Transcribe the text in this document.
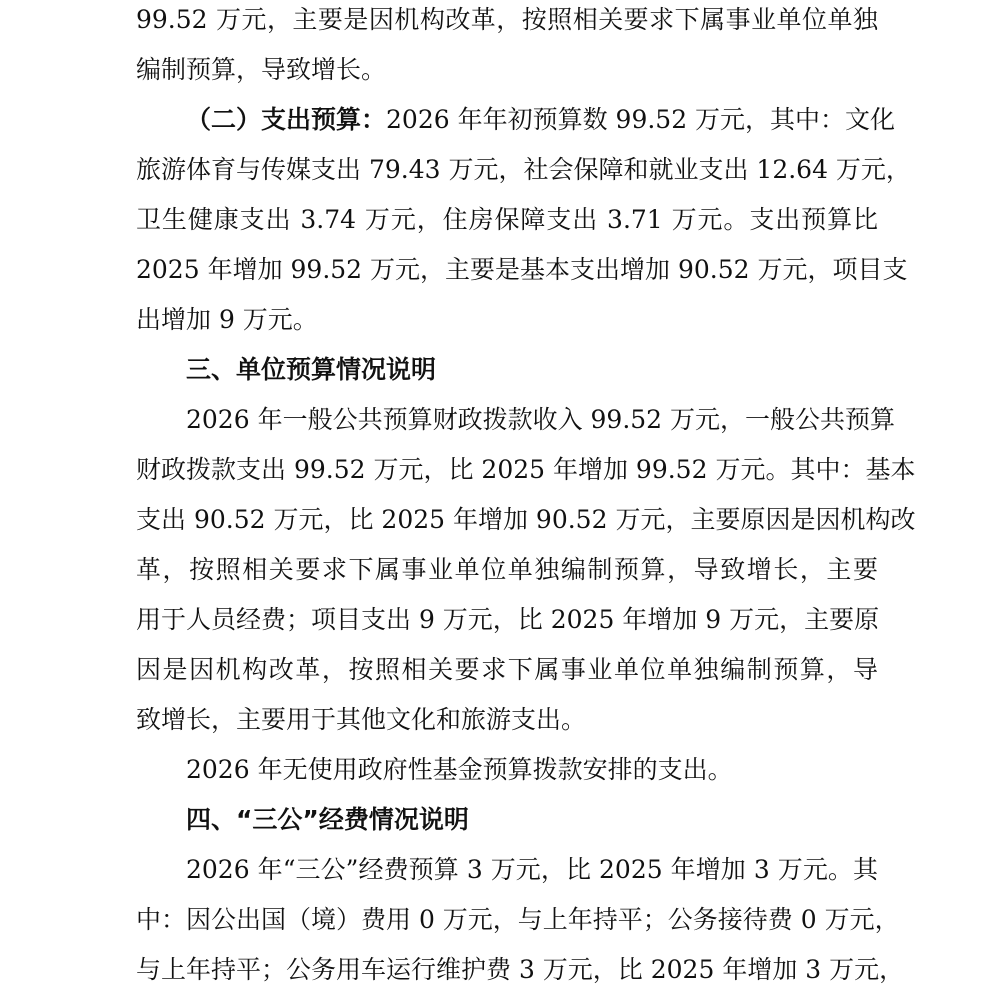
99.52 万元，主要是因机构改革，按照相关要求下属事业单位单独
编制预算，导致增长。
（二）支出预算：2026 年年初预算数 99.52 万元，其中：文化
旅游体育与传媒支出 79.43 万元，社会保障和就业支出 12.64 万元，
卫生健康支出 3.74 万元，住房保障支出 3.71 万元。支出预算比
2025 年增加 99.52 万元，主要是基本支出增加 90.52 万元，项目支
出增加 9 万元。
三、单位预算情况说明
2026 年一般公共预算财政拨款收入 99.52 万元，一般公共预算
财政拨款支出 99.52 万元，比 2025 年增加 99.52 万元。其中：基本
支出 90.52 万元，比 2025 年增加 90.52 万元，主要原因是因机构改
革，按照相关要求下属事业单位单独编制预算，导致增长，主要
用于人员经费；项目支出 9 万元，比 2025 年增加 9 万元，主要原
因是因机构改革，按照相关要求下属事业单位单独编制预算，导
致增长，主要用于其他文化和旅游支出。
2026 年无使用政府性基金预算拨款安排的支出。
四、“三公”经费情况说明
2026 年“三公”经费预算 3 万元，比 2025 年增加 3 万元。其
中：因公出国（境）费用 0 万元，与上年持平；公务接待费 0 万元，
与上年持平；公务用车运行维护费 3 万元，比 2025 年增加 3 万元，
